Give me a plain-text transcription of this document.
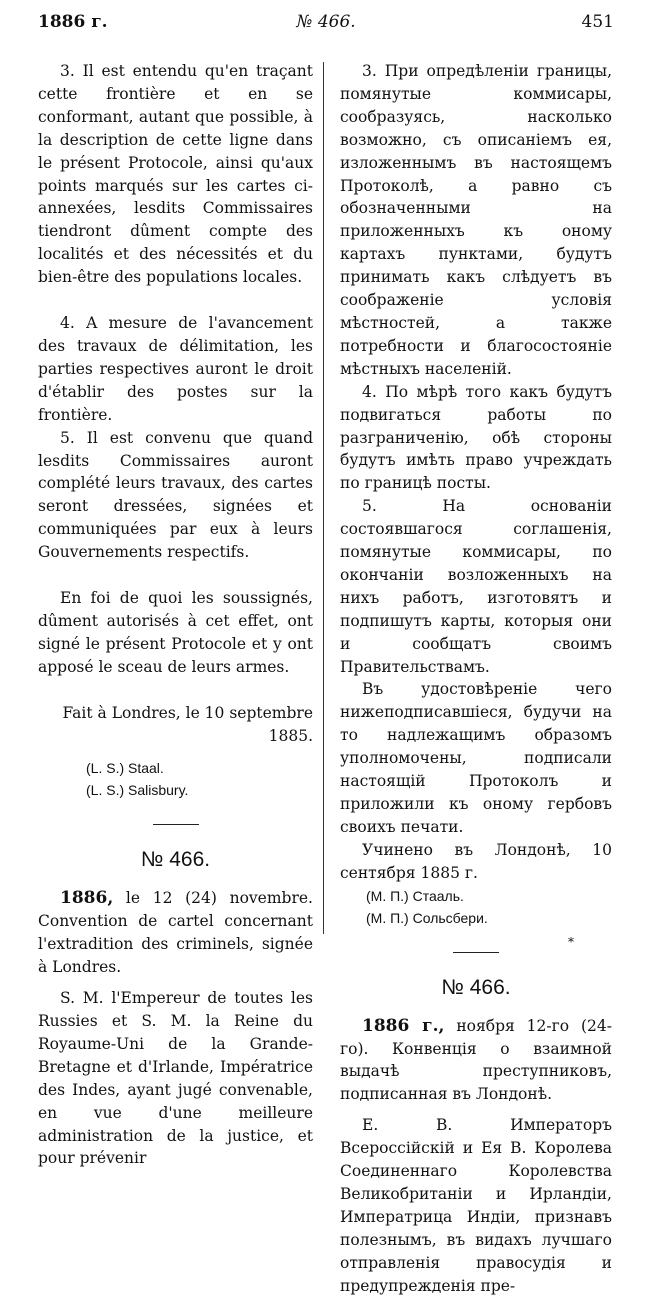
1886 г.	№ 466.	451

3. Il est entendu qu'en traçant cette frontière et en se conformant, autant que possible, à la description de cette ligne dans le présent Protocole, ainsi qu'aux points marqués sur les cartes ci-annexées, lesdits Commissaires tiendront dûment compte des localités et des nécessités et du bien-être des populations locales.

4. A mesure de l'avancement des travaux de délimitation, les parties respectives auront le droit d'établir des postes sur la frontière.

5. Il est convenu que quand lesdits Commissaires auront complété leurs travaux, des cartes seront dressées, signées et communiquées par eux à leurs Gouvernements respectifs.

En foi de quoi les soussignés, dûment autorisés à cet effet, ont signé le présent Protocole et y ont apposé le sceau de leurs armes.

Fait à Londres, le 10 septembre 1885.

(L. S.) Staal.

(L. S.) Salisbury.

№ 466.

1886, le 12 (24) novembre. Convention de cartel concernant l'extradition des criminels, signée à Londres.

S. M. l'Empereur de toutes les Russies et S. M. la Reine du Royaume-Uni de la Grande-Bretagne et d'Irlande, Impératrice des Indes, ayant jugé convenable, en vue d'une meilleure administration de la justice, et pour prévenir

3. При опредѣленіи границы, помянутые коммисары, сообразуясь, насколько возможно, съ описаніемъ ея, изложеннымъ въ настоящемъ Протоколѣ, а равно съ обозначенными на приложенныхъ къ оному картахъ пунктами, будутъ принимать какъ слѣдуетъ въ соображеніе условія мѣстностей, а также потребности и благосостояніе мѣстныхъ населеній.

4. По мѣрѣ того какъ будутъ подвигаться работы по разграниченію, обѣ стороны будутъ имѣть право учреждать по границѣ посты.

5. На основаніи состоявшагося соглашенія, помянутые коммисары, по окончаніи возложенныхъ на нихъ работъ, изготовятъ и подпишутъ карты, которыя они и сообщатъ своимъ Правительствамъ.

Въ удостовѣреніе чего нижеподписавшіеся, будучи на то надлежащимъ образомъ уполномочены, подписали настоящій Протоколъ и приложили къ оному гербовъ своихъ печати.

Учинено въ Лондонѣ, 10 сентября 1885 г.

(М. П.) Стааль.

(М. П.) Сольсбери.

№ 466.

1886 г., ноября 12-го (24-го). Конвенція о взаимной выдачѣ преступниковъ, подписанная въ Лондонѣ.

Е. В. Императоръ Всероссійскій и Ея В. Королева Соединеннаго Королевства Великобританіи и Ирландіи, Императрица Индіи, признавъ полезнымъ, въ видахъ лучшаго отправленія правосудія и предупрежденія пре-

*
